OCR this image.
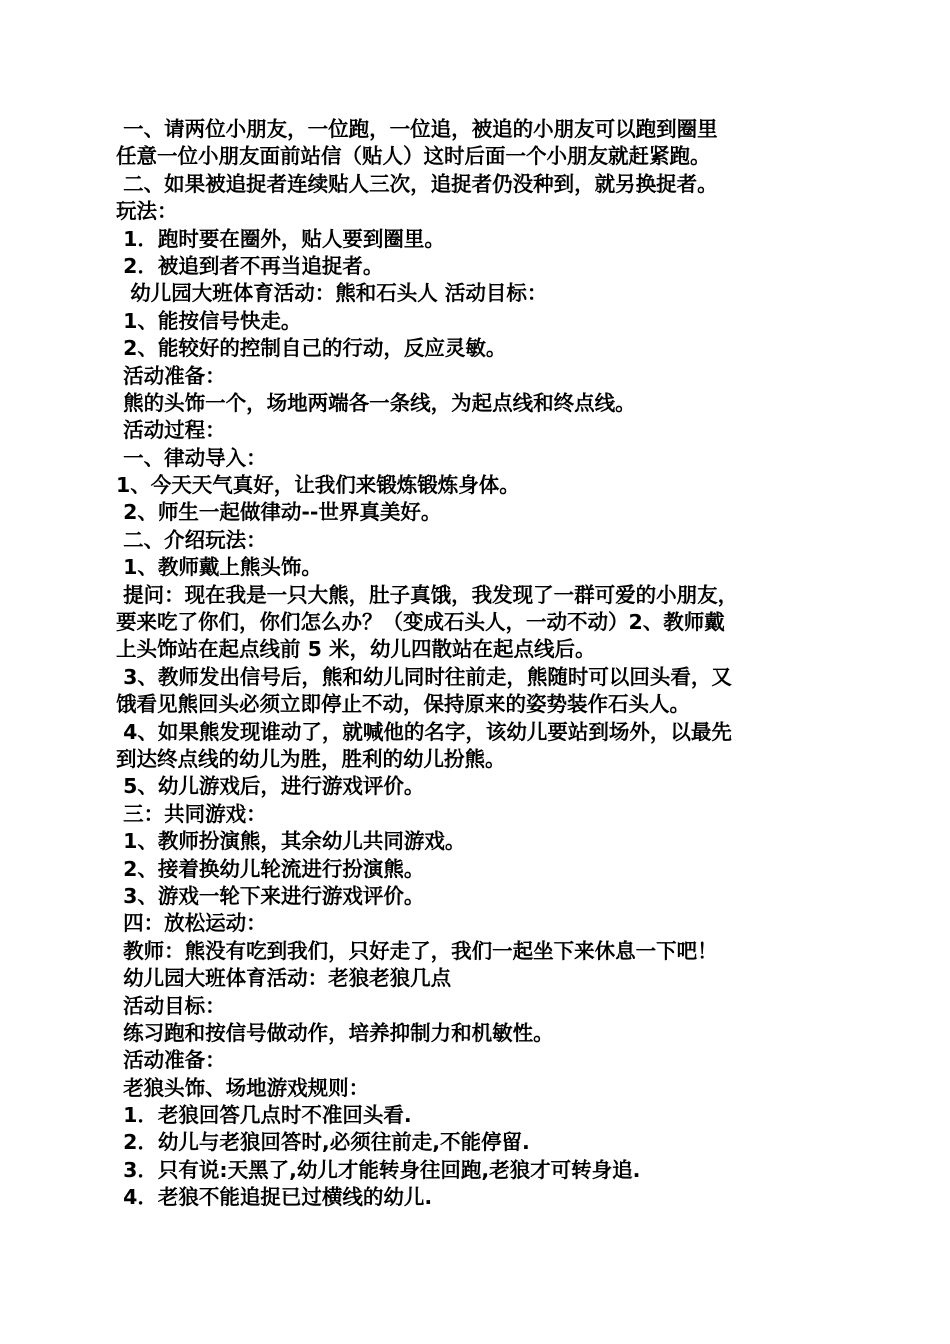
一、请两位小朋友，一位跑，一位追，被追的小朋友可以跑到圈里
任意一位小朋友面前站信（贴人）这时后面一个小朋友就赶紧跑。
二、如果被追捉者连续贴人三次，追捉者仍没种到，就另换捉者。
玩法：
1．跑时要在圈外，贴人要到圈里。
2．被追到者不再当追捉者。
幼儿园大班体育活动：熊和石头人 活动目标：
1、能按信号快走。
2、能较好的控制自己的行动，反应灵敏。
活动准备：
熊的头饰一个，场地两端各一条线，为起点线和终点线。
活动过程：
一、律动导入：
1、今天天气真好，让我们来锻炼锻炼身体。
2、师生一起做律动--世界真美好。
二、介绍玩法：
1、教师戴上熊头饰。
提问：现在我是一只大熊，肚子真饿，我发现了一群可爱的小朋友，
要来吃了你们，你们怎么办？（变成石头人，一动不动）2、教师戴
上头饰站在起点线前 5 米，幼儿四散站在起点线后。
3、教师发出信号后，熊和幼儿同时往前走，熊随时可以回头看，又
饿看见熊回头必须立即停止不动，保持原来的姿势装作石头人。
4、如果熊发现谁动了，就喊他的名字，该幼儿要站到场外，以最先
到达终点线的幼儿为胜，胜利的幼儿扮熊。
5、幼儿游戏后，进行游戏评价。
三：共同游戏：
1、教师扮演熊，其余幼儿共同游戏。
2、接着换幼儿轮流进行扮演熊。
3、游戏一轮下来进行游戏评价。
四：放松运动：
教师：熊没有吃到我们，只好走了，我们一起坐下来休息一下吧！
幼儿园大班体育活动：老狼老狼几点
活动目标：
练习跑和按信号做动作，培养抑制力和机敏性。
活动准备：
老狼头饰、场地游戏规则：
1．老狼回答几点时不准回头看.
2．幼儿与老狼回答时,必须往前走,不能停留.
3．只有说:天黑了,幼儿才能转身往回跑,老狼才可转身追.
4．老狼不能追捉已过横线的幼儿.
